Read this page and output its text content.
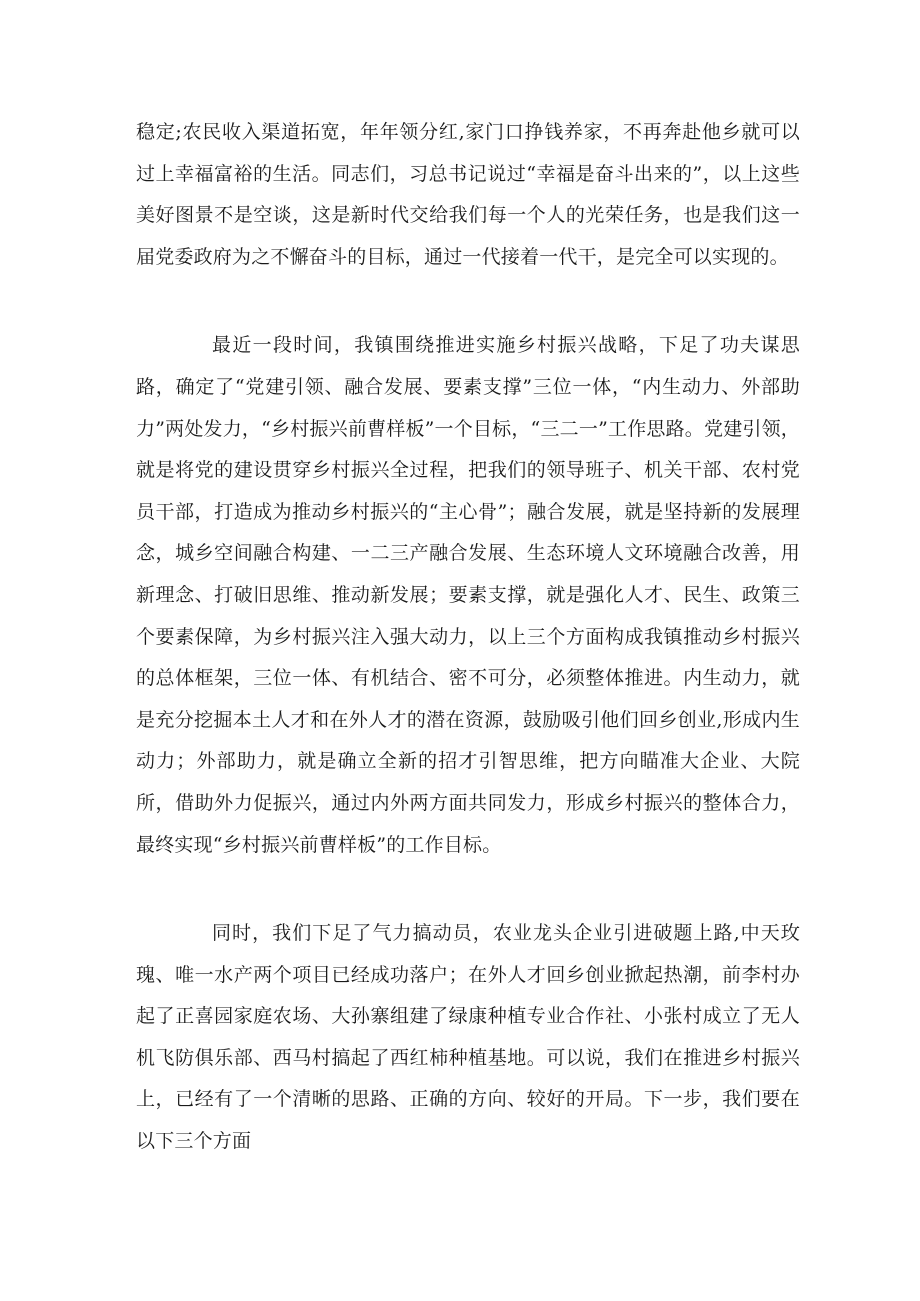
稳定;农民收入渠道拓宽，年年领分红,家门口挣钱养家，不再奔赴他乡就可以过上幸福富裕的生活。同志们，习总书记说过“幸福是奋斗出来的”，以上这些美好图景不是空谈，这是新时代交给我们每一个人的光荣任务，也是我们这一届党委政府为之不懈奋斗的目标，通过一代接着一代干，是完全可以实现的。

最近一段时间，我镇围绕推进实施乡村振兴战略，下足了功夫谋思路，确定了“党建引领、融合发展、要素支撑”三位一体，“内生动力、外部助力”两处发力，“乡村振兴前曹样板”一个目标，“三二一”工作思路。党建引领，就是将党的建设贯穿乡村振兴全过程，把我们的领导班子、机关干部、农村党员干部，打造成为推动乡村振兴的“主心骨”；融合发展，就是坚持新的发展理念，城乡空间融合构建、一二三产融合发展、生态环境人文环境融合改善，用新理念、打破旧思维、推动新发展；要素支撑，就是强化人才、民生、政策三个要素保障，为乡村振兴注入强大动力，以上三个方面构成我镇推动乡村振兴的总体框架，三位一体、有机结合、密不可分，必须整体推进。内生动力，就是充分挖掘本土人才和在外人才的潜在资源，鼓励吸引他们回乡创业,形成内生动力；外部助力，就是确立全新的招才引智思维，把方向瞄准大企业、大院所，借助外力促振兴，通过内外两方面共同发力，形成乡村振兴的整体合力，最终实现“乡村振兴前曹样板”的工作目标。

同时，我们下足了气力搞动员，农业龙头企业引进破题上路,中天玫瑰、唯一水产两个项目已经成功落户；在外人才回乡创业掀起热潮，前李村办起了正喜园家庭农场、大孙寨组建了绿康种植专业合作社、小张村成立了无人机飞防俱乐部、西马村搞起了西红柿种植基地。可以说，我们在推进乡村振兴上，已经有了一个清晰的思路、正确的方向、较好的开局。下一步，我们要在以下三个方面
